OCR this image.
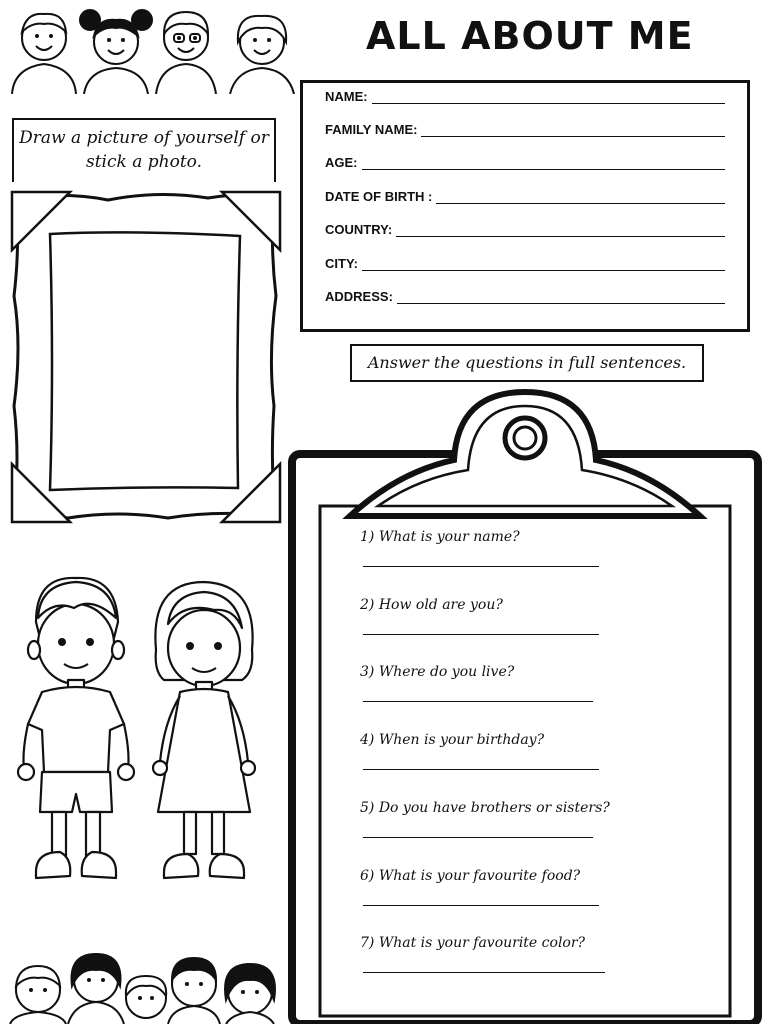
ALL ABOUT ME
NAME:
FAMILY NAME:
AGE:
DATE OF BIRTH :
COUNTRY:
CITY:
ADDRESS:
Draw a picture of yourself or stick a photo.
Answer the questions in full sentences.
1) What is your name?
2) How old are you?
3) Where do you live?
4) When is your birthday?
5) Do you have brothers or sisters?
6) What is your favourite food?
7) What is your favourite color?
